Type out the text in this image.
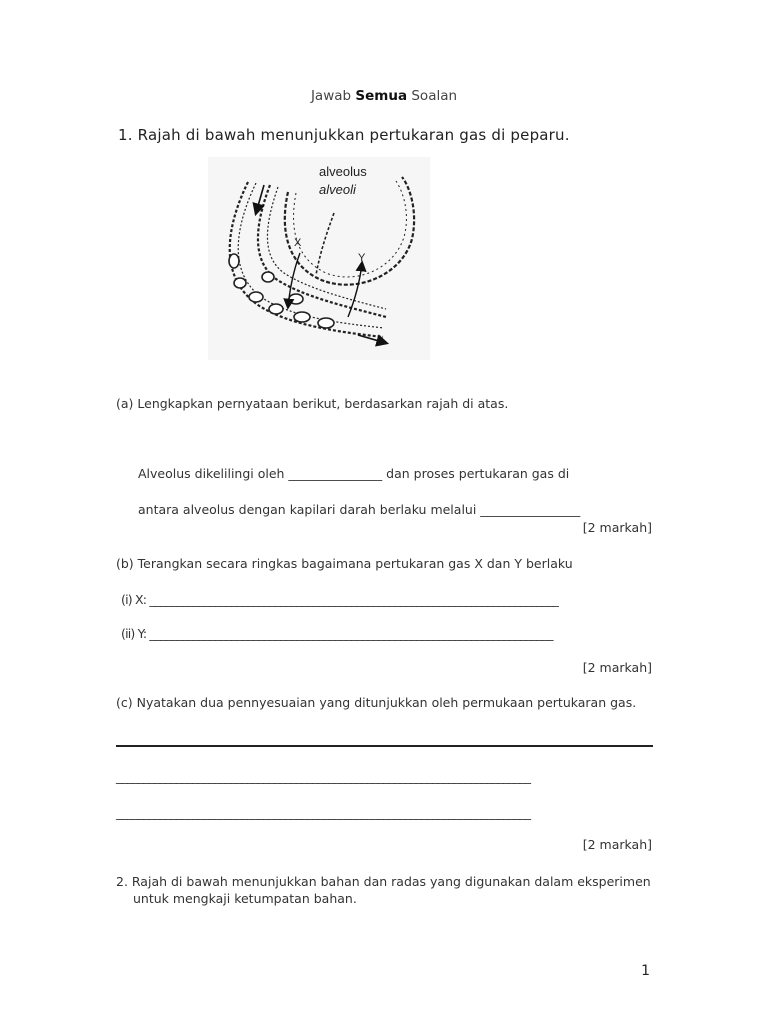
Jawab Semua Soalan
1. Rajah di bawah menunjukkan pertukaran gas di peparu.
alveolus
alveoli
X
Y
(a) Lengkapkan pernyataan berikut, berdasarkan rajah di atas.
Alveolus dikelilingi oleh _______________ dan proses pertukaran gas di
antara alveolus dengan kapilari darah berlaku melalui ________________
[2 markah]
(b) Terangkan secara ringkas bagaimana pertukaran gas X dan Y berlaku
(i) X: ___________________________________________________________________________
(ii) Y: __________________________________________________________________________
[2 markah]
(c) Nyatakan dua pennyesuaian yang ditunjukkan oleh permukaan pertukaran gas.
____________________________________________________________________________
____________________________________________________________________________
[2 markah]
2. Rajah di bawah menunjukkan bahan dan radas yang digunakan dalam eksperimen
untuk mengkaji ketumpatan bahan.
1
